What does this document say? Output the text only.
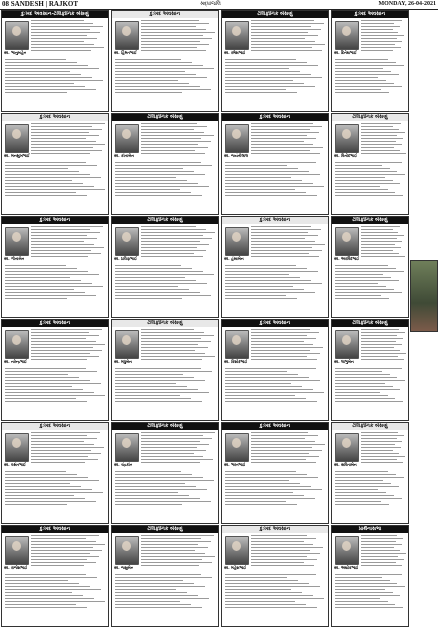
08 SANDESH | RAJKOT	શ્રદ્ધાંજલિ	MONDAY, 26-04-2021
દુઃખદ અવસાન-ટેલિફોનિક બેસણું
સ્વ. ભાનુબહેન
દુઃખદ અવસાન
સ્વ. હિંમતભાઈ
ટેલિફોનિક બેસણું
સ્વ. રમેશભાઈ
દુઃખદ અવસાન
સ્વ. દિનેશભાઈ
દુઃખદ અવસાન
સ્વ. મનસુખભાઈ
ટેલિફોનિક બેસણું
સ્વ. કાંતાબેન
દુઃખદ અવસાન
સ્વ. જયંતીલાલ
ટેલિફોનિક બેસણું
સ્વ. વિનોદભાઈ
દુઃખદ અવસાન
સ્વ. ગીતાબેન
ટેલિફોનિક બેસણું
સ્વ. પ્રવિણભાઈ
દુઃખદ અવસાન
સ્વ. હંસાબેન
ટેલિફોનિક બેસણું
સ્વ. અરવિંદભાઈ
દુઃખદ અવસાન
સ્વ. નરેન્દ્રભાઈ
ટેલિફોનિક બેસણું
સ્વ. મધુબેન
દુઃખદ અવસાન
સ્વ. કિશોરભાઈ
ટેલિફોનિક બેસણું
સ્વ. લાભુબેન
દુઃખદ અવસાન
સ્વ. વસંતભાઈ
ટેલિફોનિક બેસણું
સ્વ. ચંદ્રકાંત
દુઃખદ અવસાન
સ્વ. ભરતભાઈ
ટેલિફોનિક બેસણું
સ્વ. સવિતાબેન
દુઃખદ અવસાન
સ્વ. રાજેશભાઈ
ટેલિફોનિક બેસણું
સ્વ. જશુબેન
દુઃખદ અવસાન
સ્વ. મહેશભાઈ
પ્રાર્થનાસભા
સ્વ. અશોકભાઈ
